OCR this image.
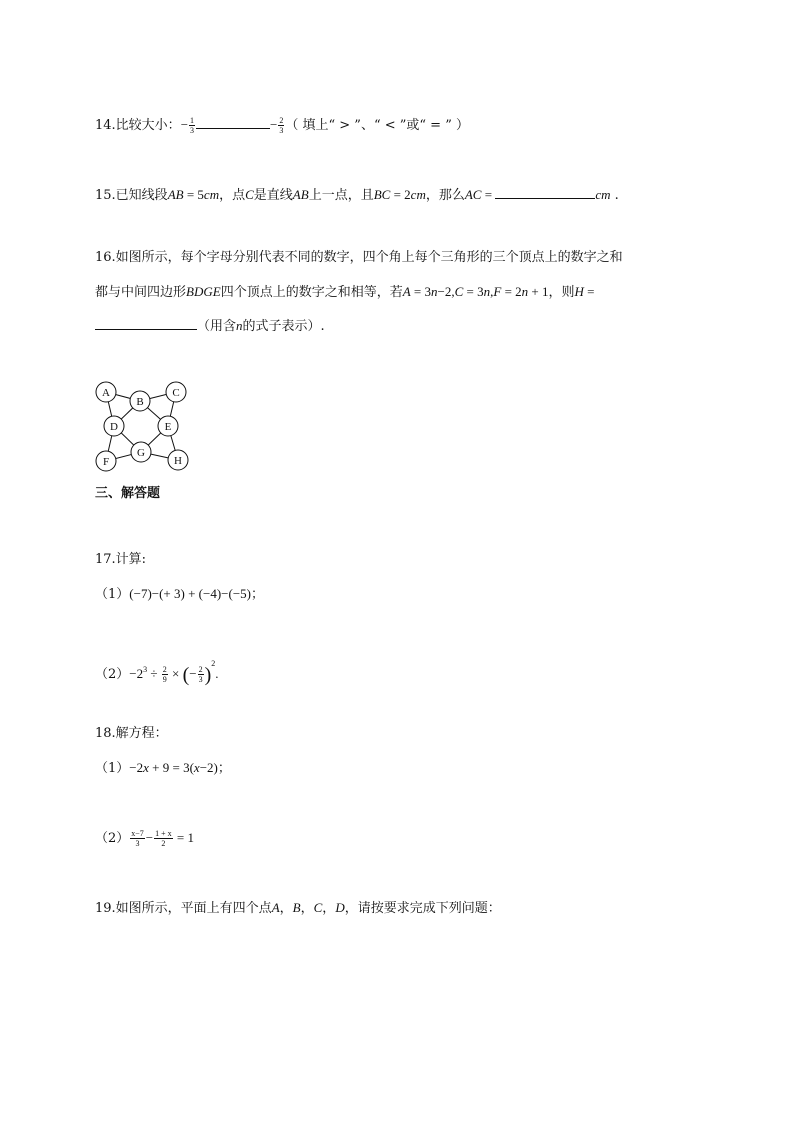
14.比较大小：− $\frac{1}{3}$	− $\frac{2}{3}$ （ 填上“ > ”、“ < ”或“ = ” ）
15.已知线段AB = 5cm，点C是直线AB上一点，且BC = 2cm，那么AC =	cm .
16.如图所示，每个字母分别代表不同的数字，四个角上每个三角形的三个顶点上的数字之和
都与中间四边形BDGE四个顶点上的数字之和相等，若A = 3n−2,C = 3n,F = 2n + 1，则H =
（用含n的式子表示）.
A
B
C
D	E
F
G
H
三、解答题
17.计算:
（1）(−7)−(+ 3) + (−4)−(−5)；
$(2)-2^3 \div \frac{2}{9}$ × (− $\frac{2}{3} )^2$.
18.解方程：
（1）−2x + 9 = 3(x−2)；
$(2) \frac{x-7}{3} - \frac{1 + x}{2} = 1$
19.如图所示，平面上有四个点A，B，C，D，请按要求完成下列问题：
